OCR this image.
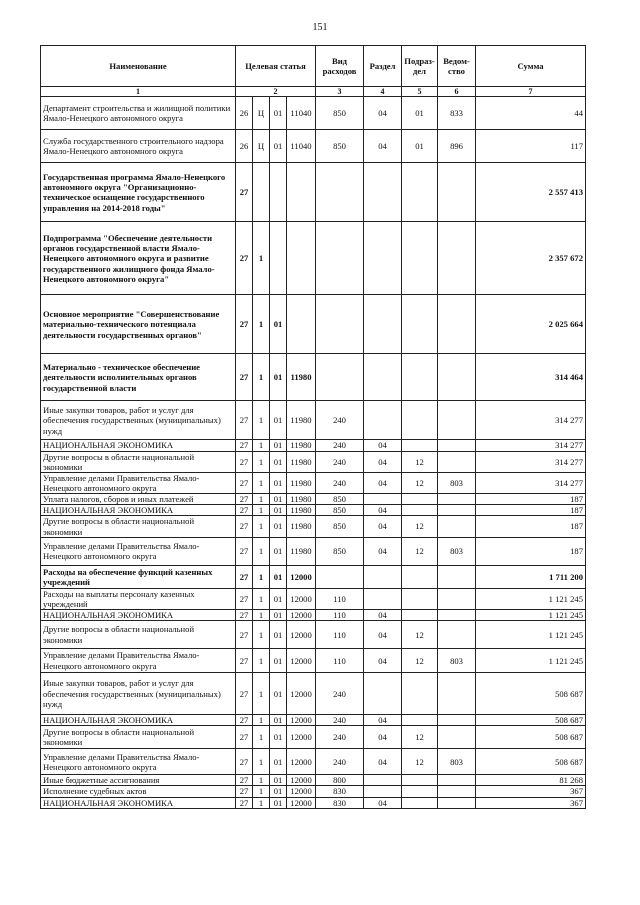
151
Наименование	Целевая статья				Вид расходов	Раздел	Подраз-дел	Ведом-ство	Сумма
1	2				3	4	5	6	7
Департамент строительства и жилищной политики Ямало-Ненецкого автономного округа	26	Ц	01	11040	850	04	01	833	44
Служба государственного строительного надзора Ямало-Ненецкого автономного округа	26	Ц	01	11040	850	04	01	896	117
Государственная программа Ямало-Ненецкого автономного округа "Организационно-техническое оснащение государственного управления на 2014-2018 годы"	27								2 557 413
Подпрограмма "Обеспечение деятельности органов государственной власти Ямало-Ненецкого автономного округа и развитие государственного жилищного фонда Ямало-Ненецкого автономного округа"	27	1							2 357 672
Основное мероприятие "Совершенствование материально-технического потенциала деятельности государственных органов"	27	1	01						2 025 664
Материально - техническое обеспечение деятельности исполнительных органов государственной власти	27	1	01	11980					314 464
Иные закупки товаров, работ и услуг для обеспечения государственных (муниципальных) нужд	27	1	01	11980	240				314 277
НАЦИОНАЛЬНАЯ ЭКОНОМИКА	27	1	01	11980	240	04			314 277
Другие вопросы в области национальной экономики	27	1	01	11980	240	04	12		314 277
Управление делами Правительства Ямало-Ненецкого автономного округа	27	1	01	11980	240	04	12	803	314 277
Уплата налогов, сборов и иных платежей	27	1	01	11980	850				187
НАЦИОНАЛЬНАЯ ЭКОНОМИКА	27	1	01	11980	850	04			187
Другие вопросы в области национальной экономики	27	1	01	11980	850	04	12		187
Управление делами Правительства Ямало-Ненецкого автономного округа	27	1	01	11980	850	04	12	803	187
Расходы на обеспечение функций казенных учреждений	27	1	01	12000					1 711 200
Расходы на выплаты персоналу казенных учреждений	27	1	01	12000	110				1 121 245
НАЦИОНАЛЬНАЯ ЭКОНОМИКА	27	1	01	12000	110	04			1 121 245
Другие вопросы в области национальной экономики	27	1	01	12000	110	04	12		1 121 245
Управление делами Правительства Ямало-Ненецкого автономного округа	27	1	01	12000	110	04	12	803	1 121 245
Иные закупки товаров, работ и услуг для обеспечения государственных (муниципальных) нужд	27	1	01	12000	240				508 687
НАЦИОНАЛЬНАЯ ЭКОНОМИКА	27	1	01	12000	240	04			508 687
Другие вопросы в области национальной экономики	27	1	01	12000	240	04	12		508 687
Управление делами Правительства Ямало-Ненецкого автономного округа	27	1	01	12000	240	04	12	803	508 687
Иные бюджетные ассигнования	27	1	01	12000	800				81 268
Исполнение судебных актов	27	1	01	12000	830				367
НАЦИОНАЛЬНАЯ ЭКОНОМИКА	27	1	01	12000	830	04			367
